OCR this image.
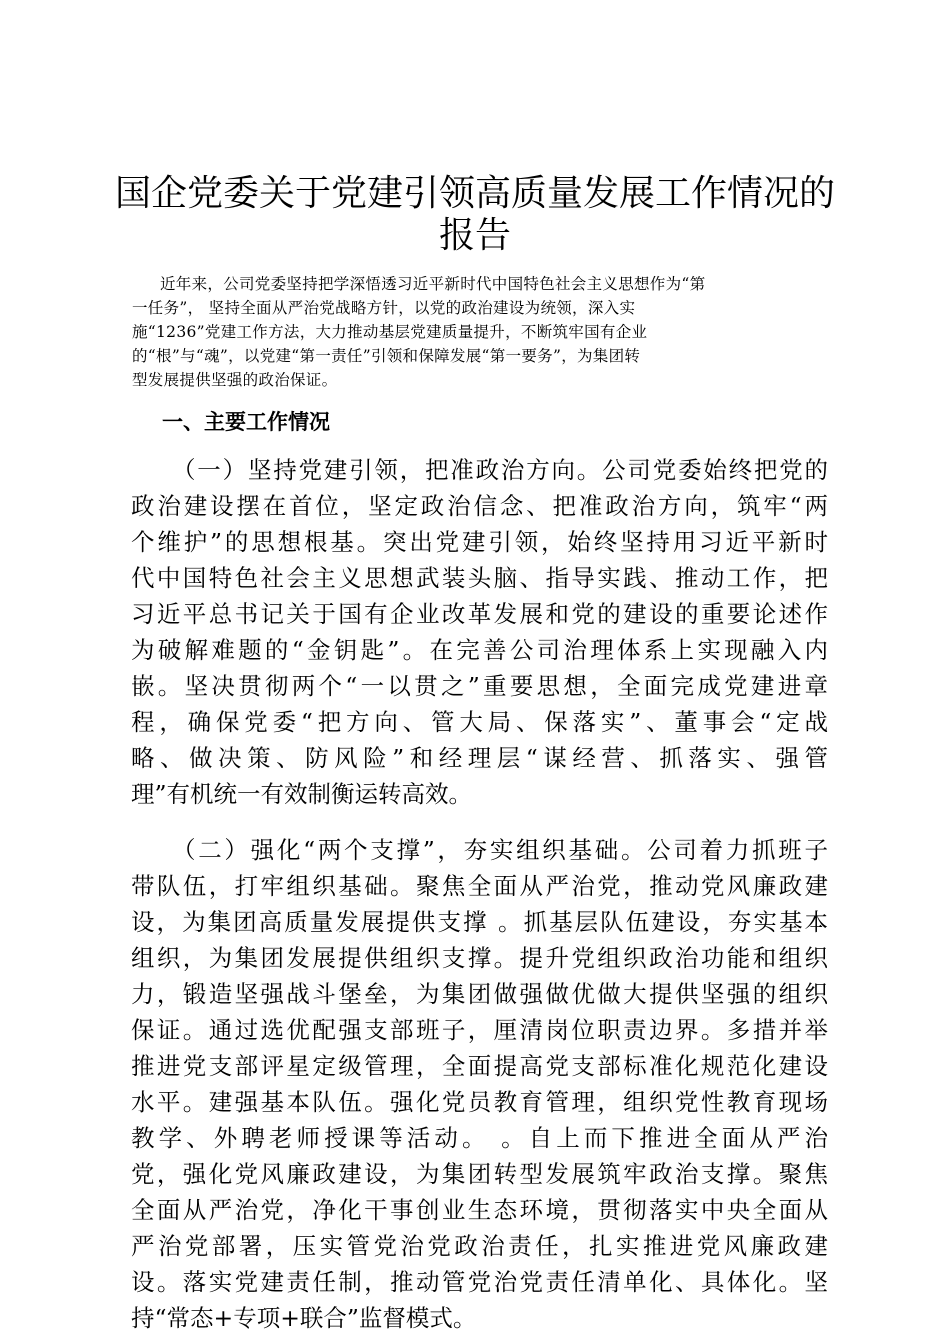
国企党委关于党建引领高质量发展工作情况的
报告
近年来，公司党委坚持把学深悟透习近平新时代中国特色社会主义思想作为“第
一任务”， 坚持全面从严治党战略方针，以党的政治建设为统领，深入实
施“1236”党建工作方法，大力推动基层党建质量提升，不断筑牢国有企业
的“根”与“魂”，以党建“第一责任”引领和保障发展“第一要务”，为集团转
型发展提供坚强的政治保证。
一、主要工作情况
（一）坚持党建引领，把准政治方向。公司党委始终把党的
政治建设摆在首位，坚定政治信念、把准政治方向，筑牢“两
个维护”的思想根基。突出党建引领，始终坚持用习近平新时
代中国特色社会主义思想武装头脑、指导实践、推动工作，把
习近平总书记关于国有企业改革发展和党的建设的重要论述作
为破解难题的“金钥匙”。在完善公司治理体系上实现融入内
嵌。坚决贯彻两个“一以贯之”重要思想，全面完成党建进章
程，确保党委“把方向、管大局、保落实”、董事会“定战
略、做决策、防风险”和经理层“谋经营、抓落实、强管
理”有机统一有效制衡运转高效。
（二）强化“两个支撑”，夯实组织基础。公司着力抓班子
带队伍，打牢组织基础。聚焦全面从严治党，推动党风廉政建
设，为集团高质量发展提供支撑 。抓基层队伍建设，夯实基本
组织，为集团发展提供组织支撑。提升党组织政治功能和组织
力，锻造坚强战斗堡垒，为集团做强做优做大提供坚强的组织
保证。通过选优配强支部班子，厘清岗位职责边界。多措并举
推进党支部评星定级管理，全面提高党支部标准化规范化建设
水平。建强基本队伍。强化党员教育管理，组织党性教育现场
教学、外聘老师授课等活动。 。自上而下推进全面从严治
党，强化党风廉政建设，为集团转型发展筑牢政治支撑。聚焦
全面从严治党，净化干事创业生态环境，贯彻落实中央全面从
严治党部署，压实管党治党政治责任，扎实推进党风廉政建
设。落实党建责任制，推动管党治党责任清单化、具体化。坚
持“常态+专项+联合”监督模式。
